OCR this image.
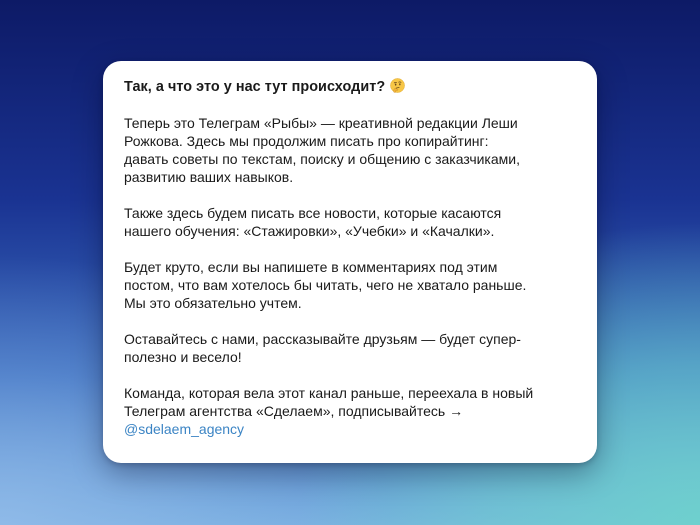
Так, а что это у нас тут происходит?
Теперь это Телеграм «Рыбы» — креативной редакции Леши
Рожкова. Здесь мы продолжим писать про копирайтинг:
давать советы по текстам, поиску и общению с заказчиками,
развитию ваших навыков.
Также здесь будем писать все новости, которые касаются
нашего обучения: «Стажировки», «Учебки» и «Качалки».
Будет круто, если вы напишете в комментариях под этим
постом, что вам хотелось бы читать, чего не хватало раньше.
Мы это обязательно учтем.
Оставайтесь с нами, рассказывайте друзьям — будет супер-
полезно и весело!
Команда, которая вела этот канал раньше, переехала в новый
Телеграм агентства «Сделаем», подписывайтесь →
@sdelaem_agency
